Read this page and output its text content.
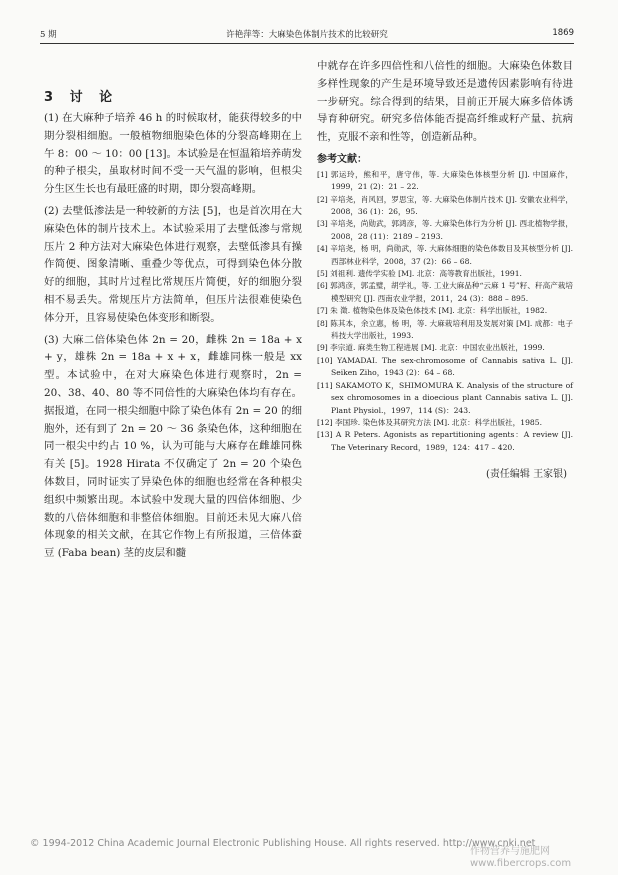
5 期	许艳萍等：大麻染色体制片技术的比较研究	1869
3 讨 论

(1) 在大麻种子培养 46 h 的时候取材，能获得较多的中期分裂相细胞。一般植物细胞染色体的分裂高峰期在上午 8：00 ～ 10：00 [13]。本试验是在恒温箱培养萌发的种子根尖，虽取材时间不受一天气温的影响，但根尖分生区生长也有最旺盛的时期，即分裂高峰期。

(2) 去壁低渗法是一种较新的方法 [5]，也是首次用在大麻染色体的制片技术上。本试验采用了去壁低渗与常规压片 2 种方法对大麻染色体进行观察，去壁低渗具有操作简便、图象清晰、重叠少等优点，可得到染色体分散好的细胞，其时片过程比常规压片简便，好的细胞分裂相不易丢失。常规压片方法简单，但压片法很难使染色体分开，且容易使染色体变形和断裂。

(3) 大麻二倍体染色体 2n = 20，雌株 2n = 18a + x + y，雄株 2n = 18a + x + x，雌雄同株一般是 xx 型。本试验中，在对大麻染色体进行观察时，2n = 20、38、40、80 等不同倍性的大麻染色体均有存在。据报道，在同一根尖细胞中除了染色体有 2n = 20 的细胞外，还有到了 2n = 20 ～ 36 条染色体，这种细胞在同一根尖中约占 10 %，认为可能与大麻存在雌雄同株有关 [5]。1928 Hirata 不仅确定了 2n = 20 个染色体数目，同时证实了异染色体的细胞也经常在各种根尖组织中频繁出现。本试验中发现大量的四倍体细胞、少数的八倍体细胞和非整倍体细胞。目前还未见大麻八倍体现象的相关文献，在其它作物上有所报道，三倍体蚕豆 (Faba bean) 茎的皮层和髓

中就存在许多四倍性和八倍性的细胞。大麻染色体数目多样性现象的产生是环境导致还是遗传因素影响有待进一步研究。综合得到的结果，目前正开展大麻多倍体诱导育种研究。研究多倍体能否提高纤维或籽产量、抗病性，克服不亲和性等，创造新品种。

参考文献：

[1] 郭运玲，熊和平，唐守伟，等. 大麻染色体核型分析 [J]. 中国麻作，1999，21 (2)：21 – 22.

[2] 辛培尧，肖风回，罗思宝，等. 大麻染色体制片技术 [J]. 安徽农业科学，2008，36 (1)：26，95.

[3] 辛培尧，尚勋武，郭鸿彦，等. 大麻染色体行为分析 [J]. 西北植物学报，2008，28 (11)：2189 – 2193.

[4] 辛培尧，杨 明，尚勋武，等. 大麻体细胞的染色体数目及其核型分析 [J]. 西部林业科学，2008，37 (2)：66 – 68.

[5] 刘祖利. 遗传学实验 [M]. 北京：高等教育出版社，1991.

[6] 郭鸿彦，郭孟璧，胡学礼，等. 工业大麻品种“云麻 1 号”籽、秆高产栽培模型研究 [J]. 西南农业学报，2011，24 (3)：888 – 895.

[7] 朱 澂. 植物染色体及染色体技术 [M]. 北京：科学出版社，1982.

[8] 陈其本，余立惠，杨 明，等. 大麻栽培利用及发展对策 [M]. 成都：电子科技大学出版社，1993.

[9] 李宗道. 麻类生物工程进展 [M]. 北京：中国农业出版社，1999.

[10] YAMADAI. The sex-chromosome of Cannabis sativa L. [J]. Seiken Ziho，1943 (2)：64 – 68.

[11] SAKAMOTO K，SHIMOMURA K. Analysis of the structure of sex chromosomes in a dioecious plant Cannabis sativa L. [J]. Plant Physiol.，1997，114 (S)：243.

[12] 李国珍. 染色体及其研究方法 [M]. 北京：科学出版社，1985.

[13] A R Peters. Agonists as repartitioning agents：A review [J]. The Veterinary Record，1989，124：417 – 420.

(责任编辑 王家银)
© 1994-2012 China Academic Journal Electronic Publishing House. All rights reserved. http://www.cnki.net
作物营养与施肥网
www.fibercrops.com
